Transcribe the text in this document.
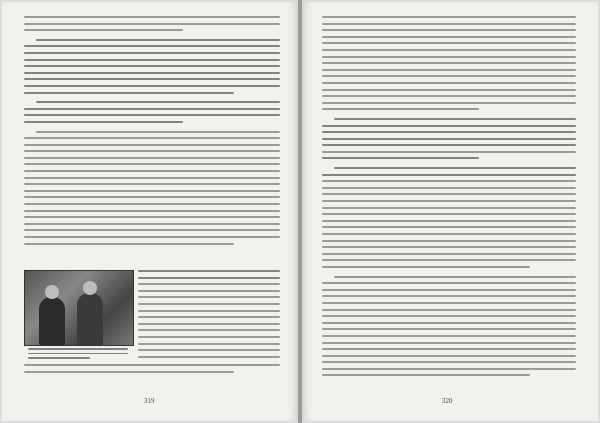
319	320
